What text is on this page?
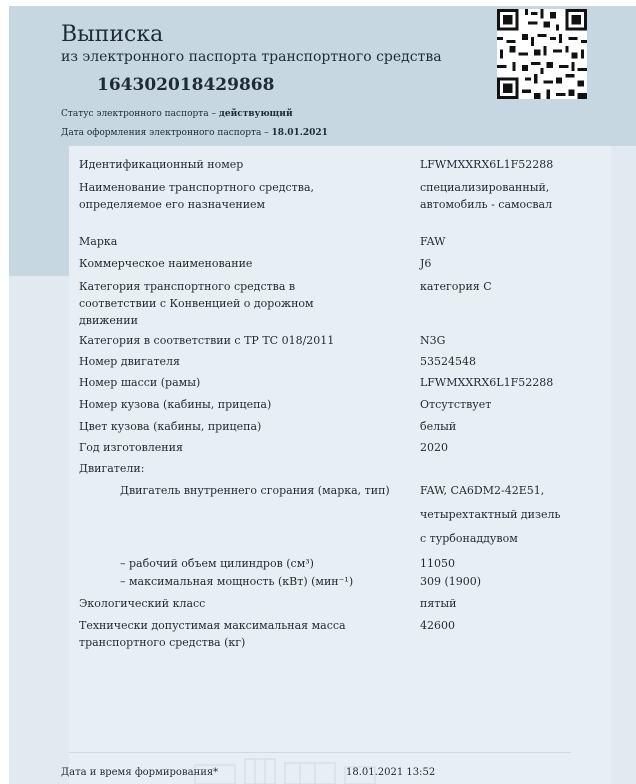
Выписка
из электронного паспорта транспортного средства
164302018429868
Статус электронного паспорта – действующий
Дата оформления электронного паспорта – 18.01.2021
Идентификационный номер	LFWMXXRX6L1F52288
Наименование транспортного средства,	специализированный,
определяемое его назначением	автомобиль - самосвал
Марка	FAW
Коммерческое наименование	J6
Категория транспортного средства в	категория С
соответствии с Конвенцией о дорожном
движении
Категория в соответствии с ТР ТС 018/2011	N3G
Номер двигателя	53524548
Номер шасси (рамы)	LFWMXXRX6L1F52288
Номер кузова (кабины, прицепа)	Отсутствует
Цвет кузова (кабины, прицепа)	белый
Год изготовления	2020
Двигатели:
Двигатель внутреннего сгорания (марка, тип)	FAW, CA6DM2-42E51,
четырехтактный дизель
с турбонаддувом
– рабочий объем цилиндров (см³)	11050
– максимальная мощность (кВт) (мин⁻¹)	309 (1900)
Экологический класс	пятый
Технически допустимая максимальная масса	42600
транспортного средства (кг)
Дата и время формирования*	18.01.2021 13:52
